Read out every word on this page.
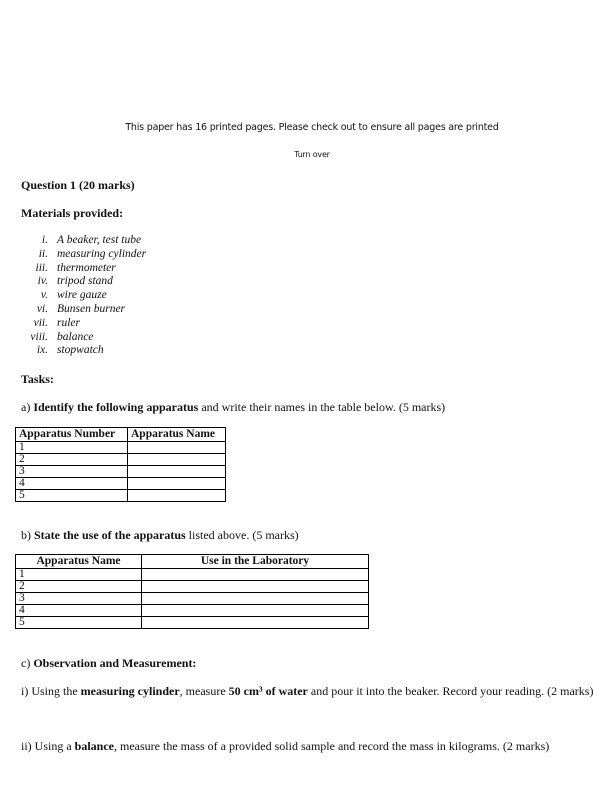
This paper has 16 printed pages. Please check out to ensure all pages are printed
Turn over
Question 1 (20 marks)
Materials provided:
i. A beaker, test tube
ii. measuring cylinder
iii. thermometer
iv. tripod stand
v. wire gauze
vi. Bunsen burner
vii. ruler
viii. balance
ix. stopwatch
Tasks:
a) Identify the following apparatus and write their names in the table below. (5 marks)
Apparatus Number	Apparatus Name
1	
2	
3	
4	
5	
b) State the use of the apparatus listed above. (5 marks)
Apparatus Name	Use in the Laboratory
1	
2	
3	
4	
5	
c) Observation and Measurement:
i) Using the measuring cylinder, measure 50 cm³ of water and pour it into the beaker. Record your reading. (2 marks)
ii) Using a balance, measure the mass of a provided solid sample and record the mass in kilograms. (2 marks)
